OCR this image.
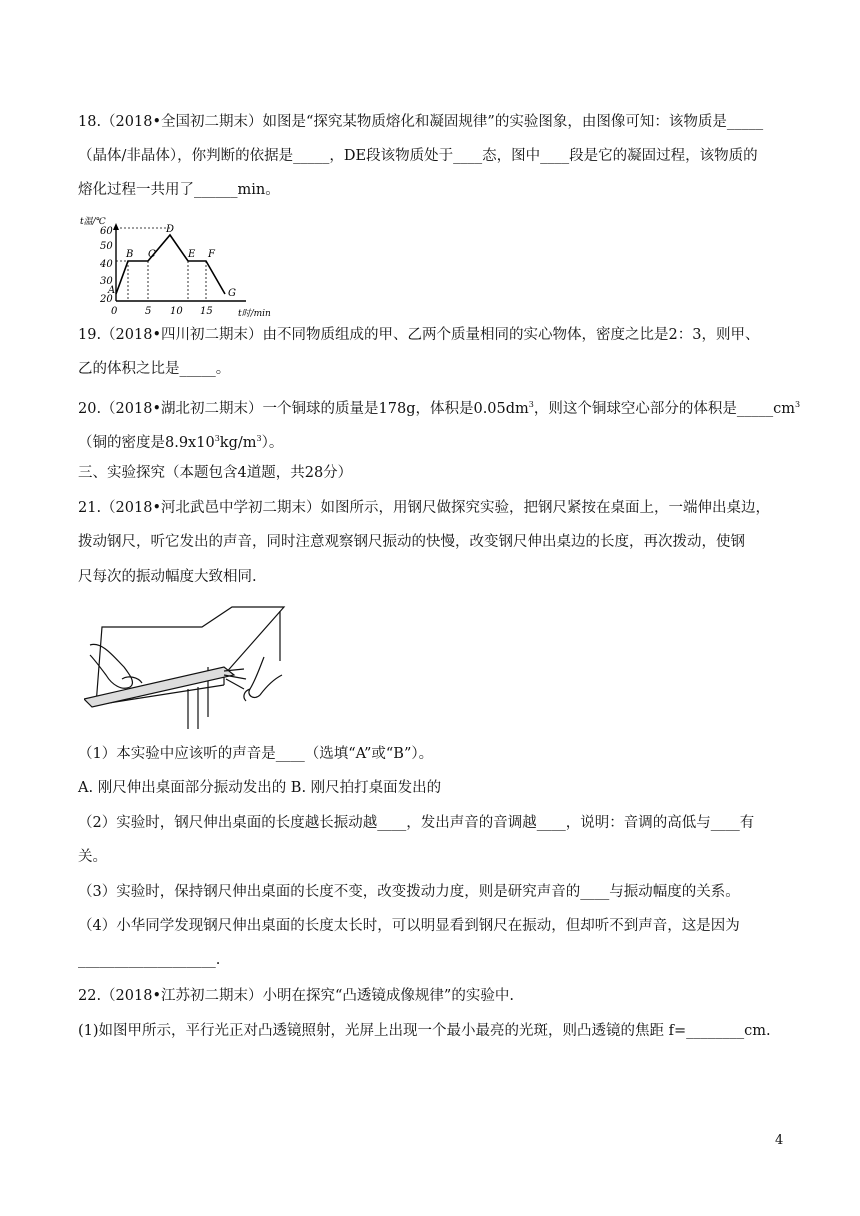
18.（2018•全国初二期末）如图是“探究某物质熔化和凝固规律”的实验图象，由图像可知：该物质是_____
（晶体/非晶体），你判断的依据是_____，DE段该物质处于____态，图中____段是它的凝固过程，该物质的
熔化过程一共用了______min。
t温/℃
t时/min
60
50
40
30
20
0	5 10 15
A
B C
D
E F
G
19.（2018•四川初二期末）由不同物质组成的甲、乙两个质量相同的实心物体，密度之比是2：3，则甲、
乙的体积之比是_____。
20.（2018•湖北初二期末）一个铜球的质量是178g，体积是$0.05dm^3$，则这个铜球空心部分的体积是$\_\_\_\_\_cm^3$
（铜的密度是$8.9x10^3kg/m^3$）。
三、实验探究（本题包含4道题，共28分）
21.（2018•河北武邑中学初二期末）如图所示，用钢尺做探究实验，把钢尺紧按在桌面上，一端伸出桌边，
拨动钢尺，听它发出的声音，同时注意观察钢尺振动的快慢，改变钢尺伸出桌边的长度，再次拨动，使钢
尺每次的振动幅度大致相同.
（1）本实验中应该听的声音是____（选填“A”或“B”）。
A. 刚尺伸出桌面部分振动发出的 B. 刚尺拍打桌面发出的
（2）实验时，钢尺伸出桌面的长度越长振动越____，发出声音的音调越____，说明：音调的高低与____有
关。
（3）实验时，保持钢尺伸出桌面的长度不变，改变拨动力度，则是研究声音的____与振动幅度的关系。
（4）小华同学发现钢尺伸出桌面的长度太长时，可以明显看到钢尺在振动，但却听不到声音，这是因为
___________________.
22.（2018•江苏初二期末）小明在探究“凸透镜成像规律”的实验中.
(1)如图甲所示，平行光正对凸透镜照射，光屏上出现一个最小最亮的光斑，则凸透镜的焦距 f=________cm.
4
